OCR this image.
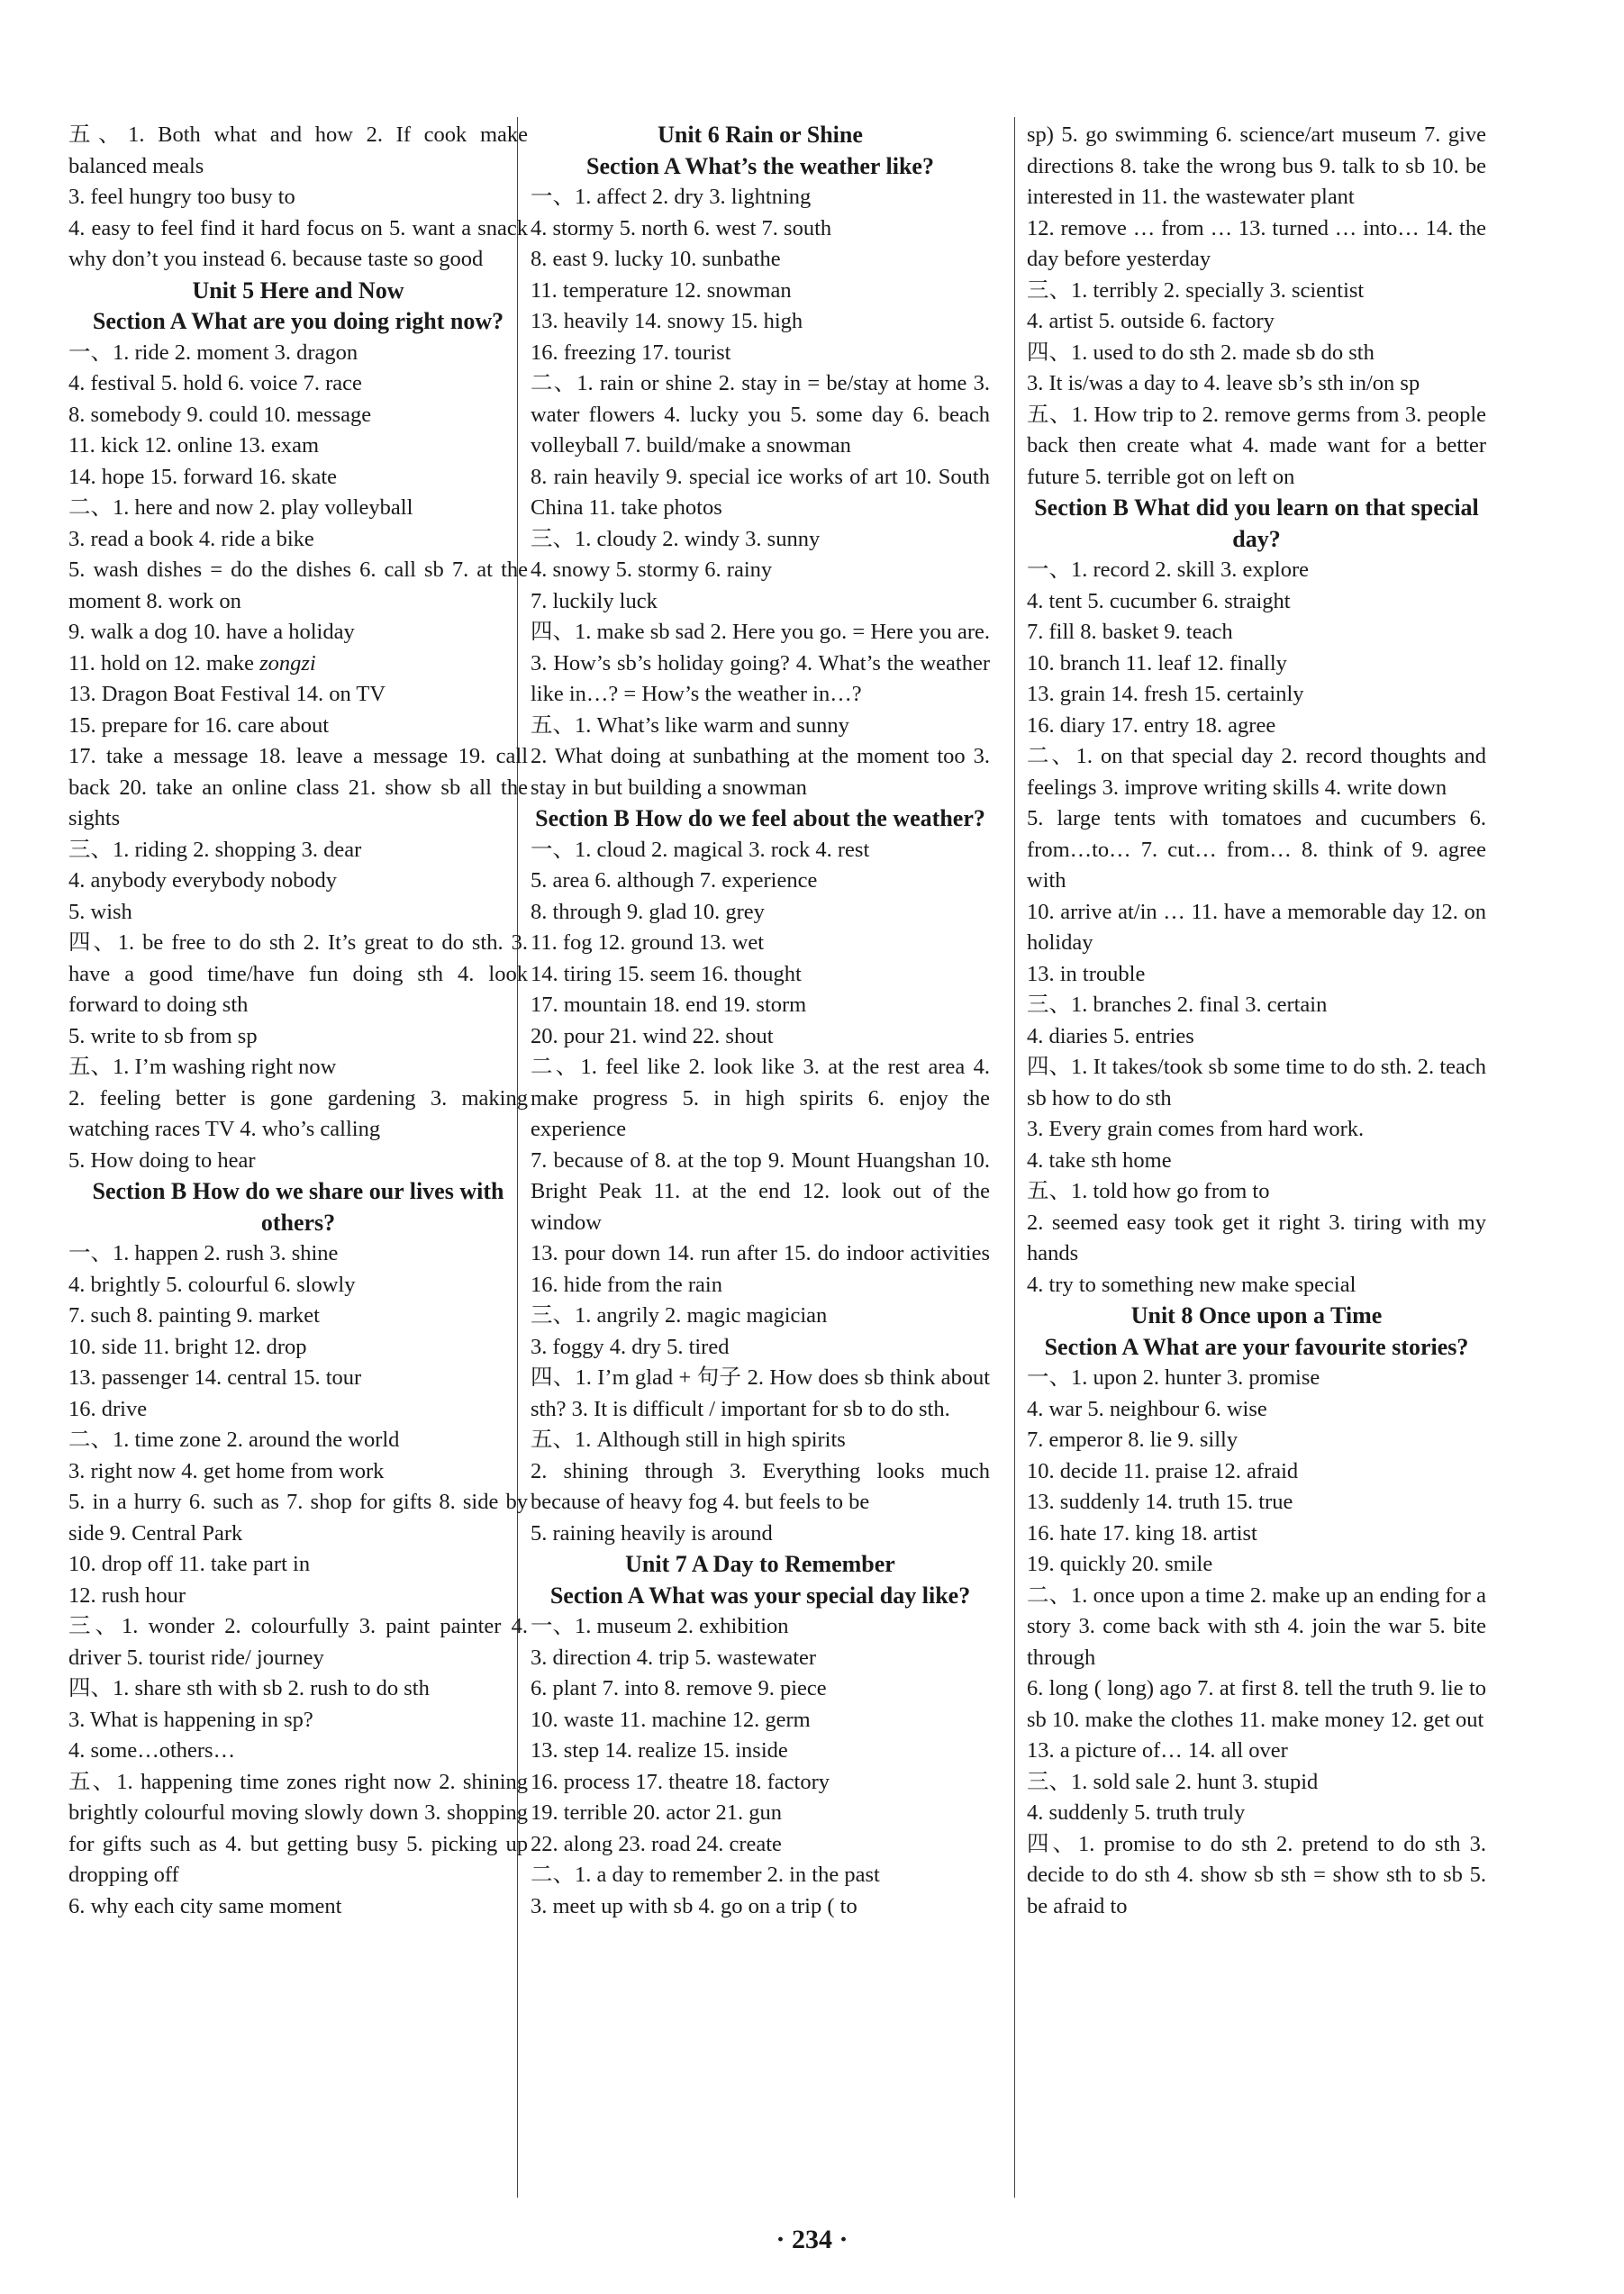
五、1. Both what and how 2. If cook make balanced meals
3. feel hungry too busy to
4. easy to feel find it hard focus on 5. want a snack why don’t you instead 6. because taste so good
Unit 5 Here and Now
Section A What are you doing right now?
一、1. ride 2. moment 3. dragon
4. festival 5. hold 6. voice 7. race
8. somebody 9. could 10. message
11. kick 12. online 13. exam
14. hope 15. forward 16. skate
二、1. here and now 2. play volleyball
3. read a book 4. ride a bike
5. wash dishes = do the dishes 6. call sb 7. at the moment 8. work on
9. walk a dog 10. have a holiday
11. hold on 12. make zongzi
13. Dragon Boat Festival 14. on TV
15. prepare for 16. care about
17. take a message 18. leave a message 19. call back 20. take an online class 21. show sb all the sights
三、1. riding 2. shopping 3. dear
4. anybody everybody nobody
5. wish
四、1. be free to do sth 2. It’s great to do sth. 3. have a good time/have fun doing sth 4. look forward to doing sth
5. write to sb from sp
五、1. I’m washing right now
2. feeling better is gone gardening 3. making watching races TV 4. who’s calling
5. How doing to hear
Section B How do we share our lives with others?
一、1. happen 2. rush 3. shine
4. brightly 5. colourful 6. slowly
7. such 8. painting 9. market
10. side 11. bright 12. drop
13. passenger 14. central 15. tour
16. drive
二、1. time zone 2. around the world
3. right now 4. get home from work
5. in a hurry 6. such as 7. shop for gifts 8. side by side 9. Central Park
10. drop off 11. take part in
12. rush hour
三、1. wonder 2. colourfully 3. paint painter 4. driver 5. tourist ride/ journey
四、1. share sth with sb 2. rush to do sth
3. What is happening in sp?
4. some…others…
五、1. happening time zones right now 2. shining brightly colourful moving slowly down 3. shopping for gifts such as 4. but getting busy 5. picking up dropping off
6. why each city same moment
Unit 6 Rain or Shine
Section A What’s the weather like?
一、1. affect 2. dry 3. lightning
4. stormy 5. north 6. west 7. south
8. east 9. lucky 10. sunbathe
11. temperature 12. snowman
13. heavily 14. snowy 15. high
16. freezing 17. tourist
二、1. rain or shine 2. stay in = be/stay at home 3. water flowers 4. lucky you 5. some day 6. beach volleyball 7. build/make a snowman
8. rain heavily 9. special ice works of art 10. South China 11. take photos
三、1. cloudy 2. windy 3. sunny
4. snowy 5. stormy 6. rainy
7. luckily luck
四、1. make sb sad 2. Here you go. = Here you are. 3. How’s sb’s holiday going? 4. What’s the weather like in…? = How’s the weather in…?
五、1. What’s like warm and sunny
2. What doing at sunbathing at the moment too 3. stay in but building a snowman
Section B How do we feel about the weather?
一、1. cloud 2. magical 3. rock 4. rest
5. area 6. although 7. experience
8. through 9. glad 10. grey
11. fog 12. ground 13. wet
14. tiring 15. seem 16. thought
17. mountain 18. end 19. storm
20. pour 21. wind 22. shout
二、1. feel like 2. look like 3. at the rest area 4. make progress 5. in high spirits 6. enjoy the experience
7. because of 8. at the top 9. Mount Huangshan 10. Bright Peak 11. at the end 12. look out of the window
13. pour down 14. run after 15. do indoor activities 16. hide from the rain
三、1. angrily 2. magic magician
3. foggy 4. dry 5. tired
四、1. I’m glad + 句子 2. How does sb think about sth? 3. It is difficult / important for sb to do sth.
五、1. Although still in high spirits
2. shining through 3. Everything looks much because of heavy fog 4. but feels to be
5. raining heavily is around
Unit 7 A Day to Remember
Section A What was your special day like?
一、1. museum 2. exhibition
3. direction 4. trip 5. wastewater
6. plant 7. into 8. remove 9. piece
10. waste 11. machine 12. germ
13. step 14. realize 15. inside
16. process 17. theatre 18. factory
19. terrible 20. actor 21. gun
22. along 23. road 24. create
二、1. a day to remember 2. in the past
3. meet up with sb 4. go on a trip ( to
sp) 5. go swimming 6. science/art museum 7. give directions 8. take the wrong bus 9. talk to sb 10. be interested in 11. the wastewater plant
12. remove … from … 13. turned … into… 14. the day before yesterday
三、1. terribly 2. specially 3. scientist
4. artist 5. outside 6. factory
四、1. used to do sth 2. made sb do sth
3. It is/was a day to 4. leave sb’s sth in/on sp
五、1. How trip to 2. remove germs from 3. people back then create what 4. made want for a better future 5. terrible got on left on
Section B What did you learn on that special day?
一、1. record 2. skill 3. explore
4. tent 5. cucumber 6. straight
7. fill 8. basket 9. teach
10. branch 11. leaf 12. finally
13. grain 14. fresh 15. certainly
16. diary 17. entry 18. agree
二、1. on that special day 2. record thoughts and feelings 3. improve writing skills 4. write down
5. large tents with tomatoes and cucumbers 6. from…to… 7. cut… from… 8. think of 9. agree with
10. arrive at/in … 11. have a memorable day 12. on holiday
13. in trouble
三、1. branches 2. final 3. certain
4. diaries 5. entries
四、1. It takes/took sb some time to do sth. 2. teach sb how to do sth
3. Every grain comes from hard work.
4. take sth home
五、1. told how go from to
2. seemed easy took get it right 3. tiring with my hands
4. try to something new make special
Unit 8 Once upon a Time
Section A What are your favourite stories?
一、1. upon 2. hunter 3. promise
4. war 5. neighbour 6. wise
7. emperor 8. lie 9. silly
10. decide 11. praise 12. afraid
13. suddenly 14. truth 15. true
16. hate 17. king 18. artist
19. quickly 20. smile
二、1. once upon a time 2. make up an ending for a story 3. come back with sth 4. join the war 5. bite through
6. long ( long) ago 7. at first 8. tell the truth 9. lie to sb 10. make the clothes 11. make money 12. get out
13. a picture of… 14. all over
三、1. sold sale 2. hunt 3. stupid
4. suddenly 5. truth truly
四、1. promise to do sth 2. pretend to do sth 3. decide to do sth 4. show sb sth = show sth to sb 5. be afraid to
· 234 ·
